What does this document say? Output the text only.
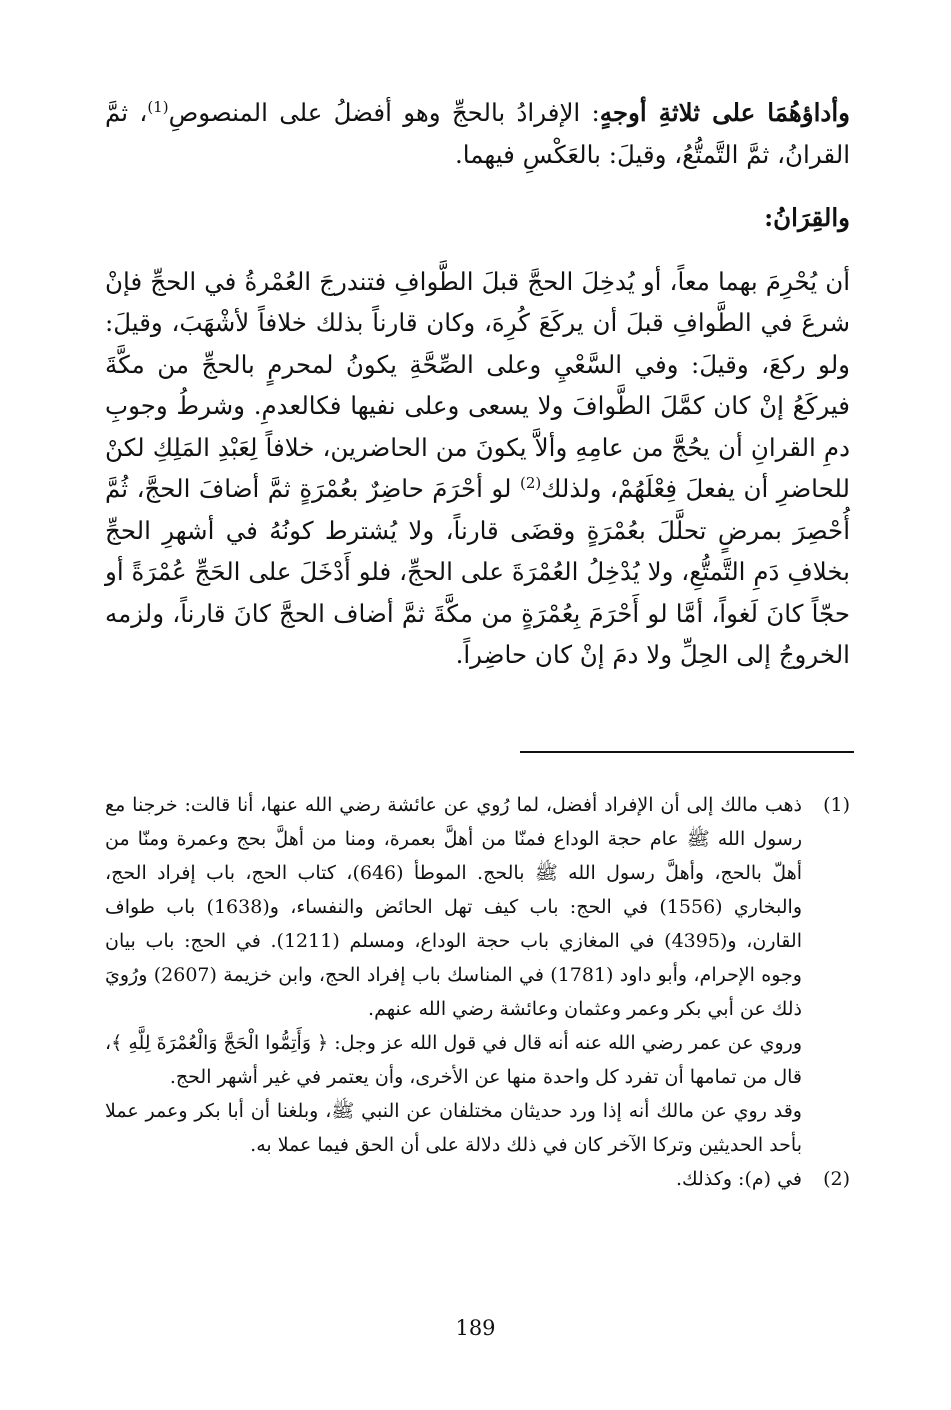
وأداؤهُمَا على ثلاثةِ أوجهٍ: الإفرادُ بالحجِّ وهو أفضلُ على المنصوصِ$^{(1)}$، ثمَّ القرانُ، ثمَّ التَّمتُّعُ، وقيلَ: بالعَكْسِ فيهما.

والقِرَانُ:

أن يُحْرِمَ بهما معاً، أو يُدخِلَ الحجَّ قبلَ الطَّوافِ فتندرجَ العُمْرةُ في الحجِّ فإنْ شرعَ في الطَّوافِ قبلَ أن يركَعَ كُرِهَ، وكان قارناً بذلك خلافاً لأشْهَبَ، وقيلَ: ولو ركعَ، وقيلَ: وفي السَّعْيِ وعلى الصِّحَّةِ يكونُ لمحرمٍ بالحجِّ من مكَّةَ فيركَعُ إنْ كان كمَّلَ الطَّوافَ ولا يسعى وعلى نفيها فكالعدمِ. وشرطُ وجوبِ دمِ القرانِ أن يحُجَّ من عامِهِ وألاَّ يكونَ من الحاضرين، خلافاً لِعَبْدِ المَلِكِ لكنْ للحاضرِ أن يفعلَ فِعْلَهُمْ، ولذلك$^{(2)}$ لو أحْرَمَ حاضِرٌ بعُمْرَةٍ ثمَّ أضافَ الحجَّ، ثُمَّ أُحْصِرَ بمرضٍ تحلَّلَ بعُمْرَةٍ وقضَى قارناً، ولا يُشترط كونُهُ في أشهرِ الحجِّ بخلافِ دَمِ التَّمتُّعِ، ولا يُدْخِلُ العُمْرَةَ على الحجِّ، فلو أَدْخَلَ على الحَجِّ عُمْرَةً أو حجّاً كانَ لَغواً، أمَّا لو أَحْرَمَ بِعُمْرَةٍ من مكَّةَ ثمَّ أضاف الحجَّ كانَ قارناً، ولزمه الخروجُ إلى الحِلِّ ولا دمَ إنْ كان حاضِراً.

(1)

ذهب مالك إلى أن الإفراد أفضل، لما رُوي عن عائشة رضي الله عنها، أنا قالت: خرجنا مع رسول الله ﷺ عام حجة الوداع فمنّا من أهلَّ بعمرة، ومنا من أهلَّ بحج وعمرة ومنّا من أهلّ بالحج، وأهلَّ رسول الله ﷺ بالحج. الموطأ (646)، كتاب الحج، باب إفراد الحج، والبخاري (1556) في الحج: باب كيف تهل الحائض والنفساء، و(1638) باب طواف القارن، و(4395) في المغازي باب حجة الوداع، ومسلم (1211). في الحج: باب بيان وجوه الإحرام، وأبو داود (1781) في المناسك باب إفراد الحج، وابن خزيمة (2607) ورُويَ ذلك عن أبي بكر وعمر وعثمان وعائشة رضي الله عنهم.

وروي عن عمر رضي الله عنه أنه قال في قول الله عز وجل: ﴿ وَأَتِمُّوا الْحَجَّ وَالْعُمْرَةَ لِلَّهِ ﴾، قال من تمامها أن تفرد كل واحدة منها عن الأخرى، وأن يعتمر في غير أشهر الحج.

وقد روي عن مالك أنه إذا ورد حديثان مختلفان عن النبي ﷺ، وبلغنا أن أبا بكر وعمر عملا بأحد الحديثين وتركا الآخر كان في ذلك دلالة على أن الحق فيما عملا به.

(2)

في (م): وكذلك.

189
